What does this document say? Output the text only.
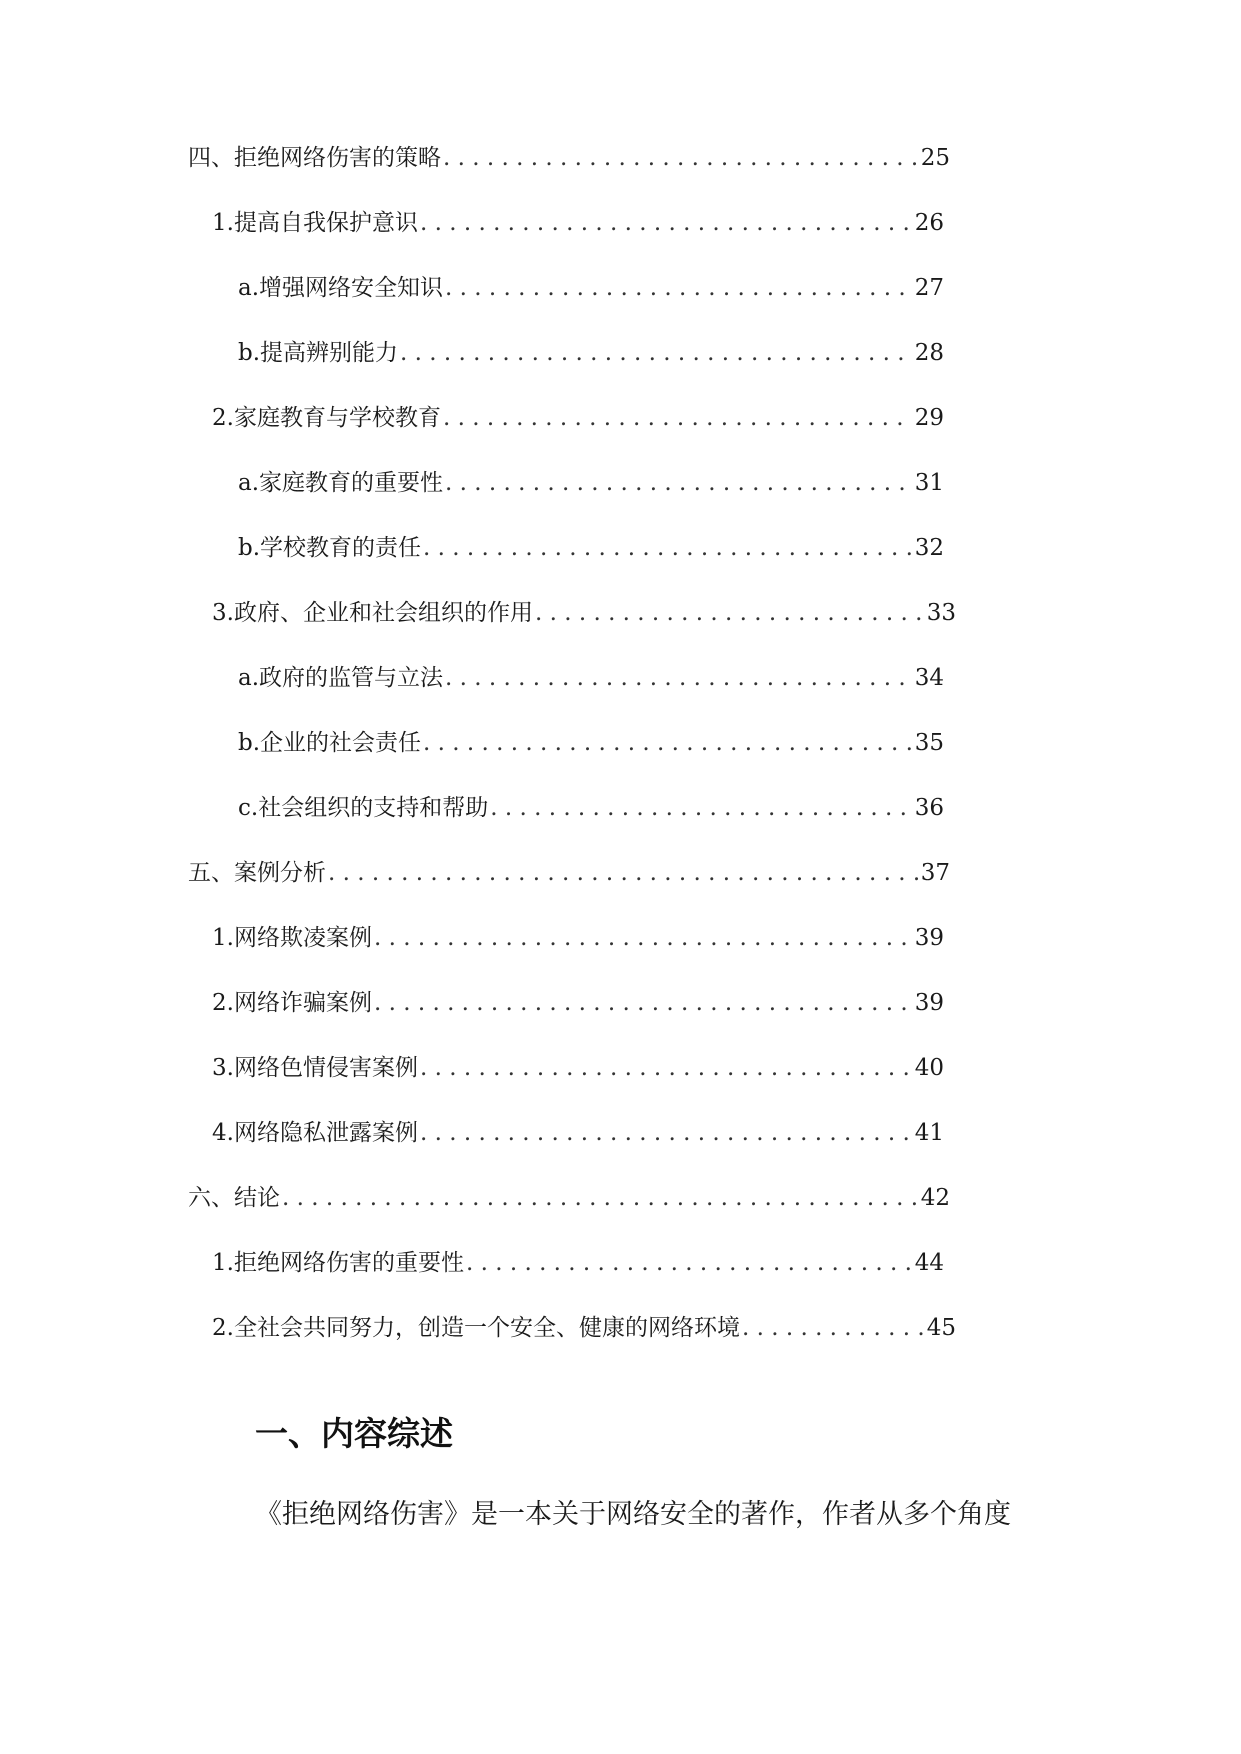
四、拒绝网络伤害的策略 . . .	25
1. 提高自我保护意识 . . .	26
a. 增强网络安全知识 . . .	27
b. 提高辨别能力 . . .	28
2. 家庭教育与学校教育 . . .	29
a. 家庭教育的重要性 . . .	31
b. 学校教育的责任 . . .	32
3. 政府、企业和社会组织的作用 . . .	33
a. 政府的监管与立法 . . .	34
b. 企业的社会责任 . . .	35
c. 社会组织的支持和帮助 . . .	36
五、案例分析 . . .	37
1. 网络欺凌案例 . . .	39
2. 网络诈骗案例 . . .	39
3. 网络色情侵害案例 . . .	40
4. 网络隐私泄露案例 . . .	41
六、结论 . . .	42
1. 拒绝网络伤害的重要性 . . .	44
2. 全社会共同努力，创造一个安全、健康的网络环境 . . .	45
一、内容综述
《拒绝网络伤害》是一本关于网络安全的著作，作者从多个角度
